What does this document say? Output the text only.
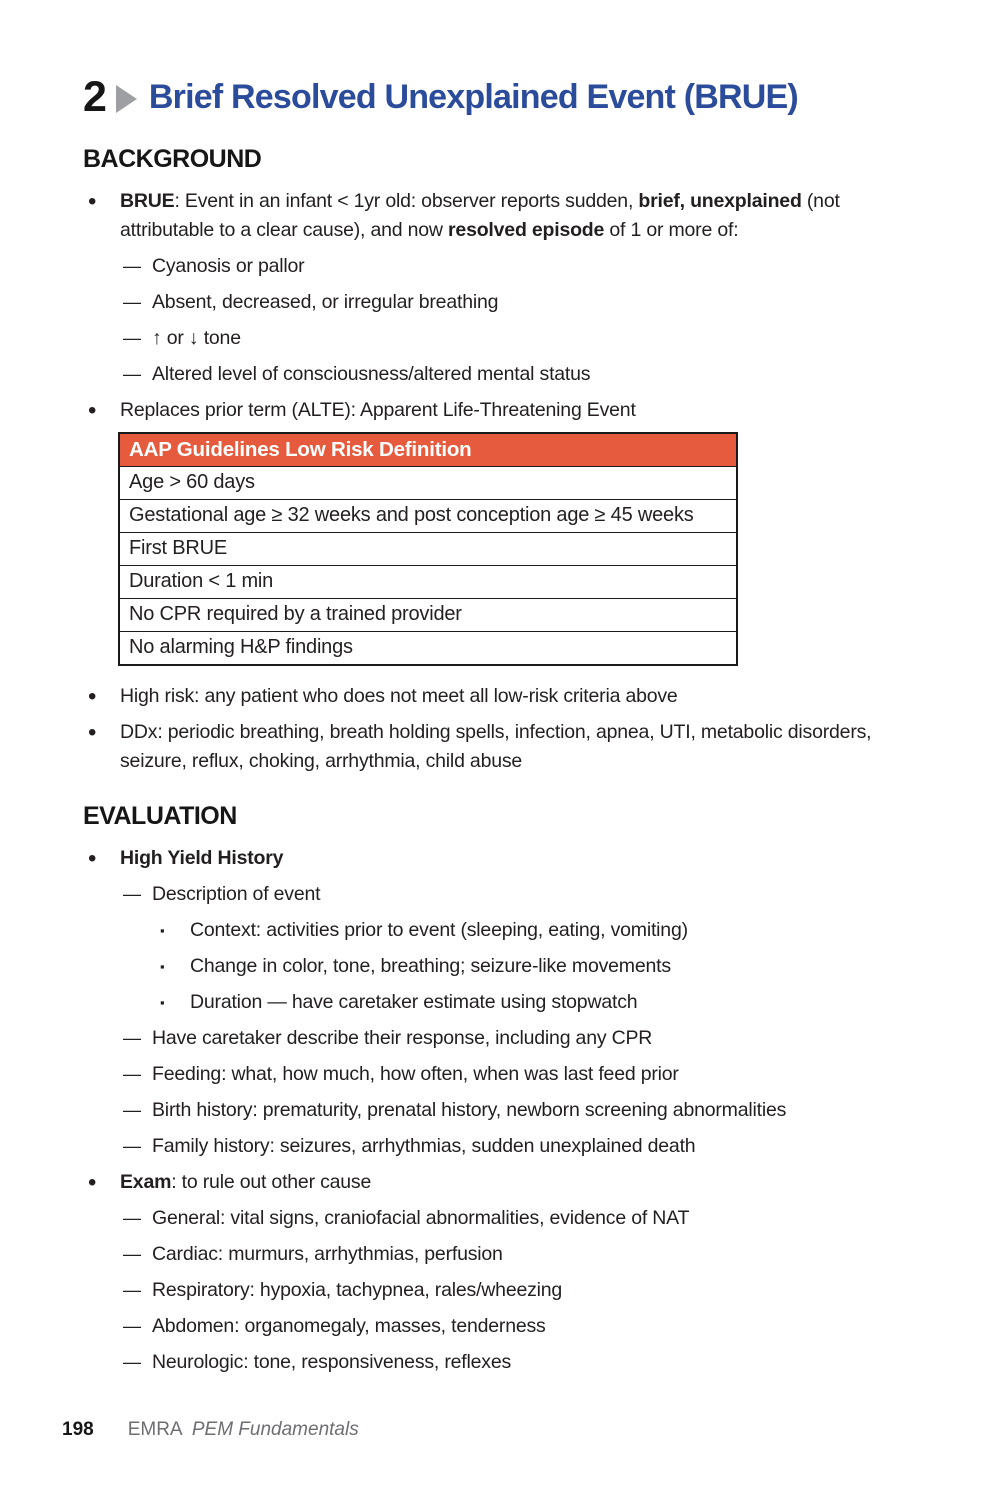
2 Brief Resolved Unexplained Event (BRUE)
BACKGROUND
•	BRUE: Event in an infant < 1yr old: observer reports sudden, brief, unexplained (not attributable to a clear cause), and now resolved episode of 1 or more of:
— Cyanosis or pallor
— Absent, decreased, or irregular breathing
— ↑ or ↓ tone
— Altered level of consciousness/altered mental status
•	Replaces prior term (ALTE): Apparent Life-Threatening Event
AAP Guidelines Low Risk Definition
Age > 60 days
Gestational age ≥ 32 weeks and post conception age ≥ 45 weeks
First BRUE
Duration < 1 min
No CPR required by a trained provider
No alarming H&P findings
•	High risk: any patient who does not meet all low-risk criteria above
•	DDx: periodic breathing, breath holding spells, infection, apnea, UTI, metabolic disorders, seizure, reflux, choking, arrhythmia, child abuse
EVALUATION
•	High Yield History
— Description of event
▪	Context: activities prior to event (sleeping, eating, vomiting)
▪	Change in color, tone, breathing; seizure-like movements
▪	Duration — have caretaker estimate using stopwatch
— Have caretaker describe their response, including any CPR
— Feeding: what, how much, how often, when was last feed prior
— Birth history: prematurity, prenatal history, newborn screening abnormalities
— Family history: seizures, arrhythmias, sudden unexplained death
•	Exam: to rule out other cause
— General: vital signs, craniofacial abnormalities, evidence of NAT
— Cardiac: murmurs, arrhythmias, perfusion
— Respiratory: hypoxia, tachypnea, rales/wheezing
— Abdomen: organomegaly, masses, tenderness
— Neurologic: tone, responsiveness, reflexes
198 EMRA PEM Fundamentals
